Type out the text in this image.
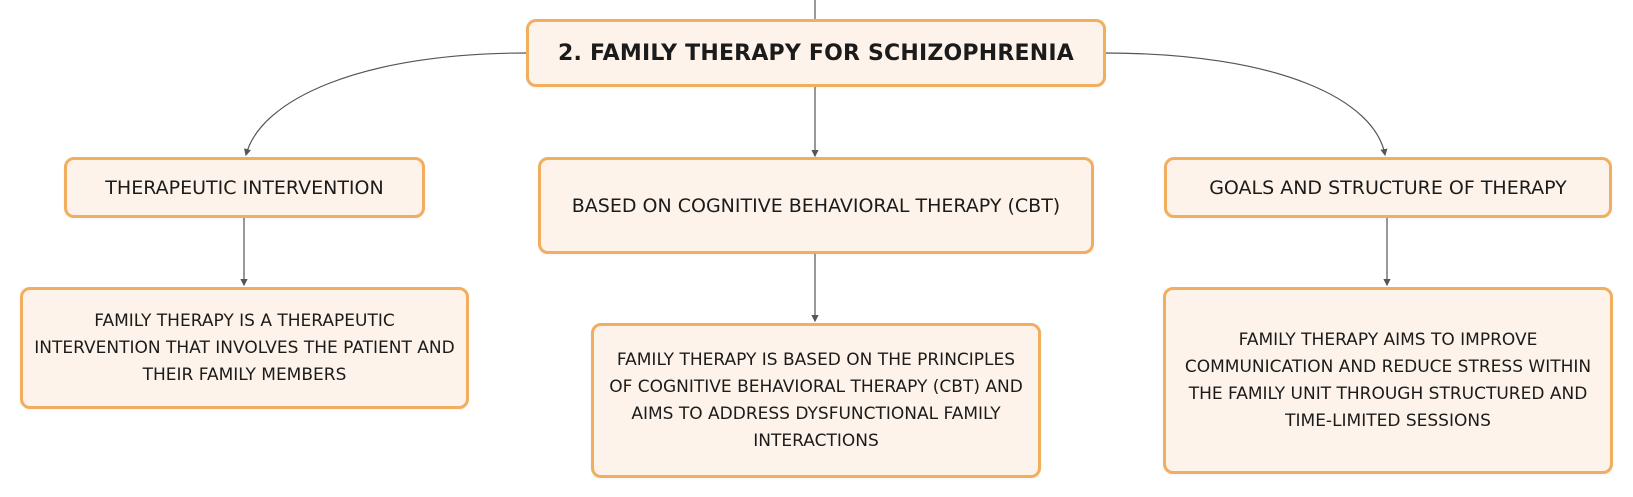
2. FAMILY THERAPY FOR SCHIZOPHRENIA
THERAPEUTIC INTERVENTION
BASED ON COGNITIVE BEHAVIORAL THERAPY (CBT)
GOALS AND STRUCTURE OF THERAPY
FAMILY THERAPY IS A THERAPEUTIC INTERVENTION THAT INVOLVES THE PATIENT AND THEIR FAMILY MEMBERS
FAMILY THERAPY IS BASED ON THE PRINCIPLES OF COGNITIVE BEHAVIORAL THERAPY (CBT) AND AIMS TO ADDRESS DYSFUNCTIONAL FAMILY INTERACTIONS
FAMILY THERAPY AIMS TO IMPROVE COMMUNICATION AND REDUCE STRESS WITHIN THE FAMILY UNIT THROUGH STRUCTURED AND TIME-LIMITED SESSIONS
